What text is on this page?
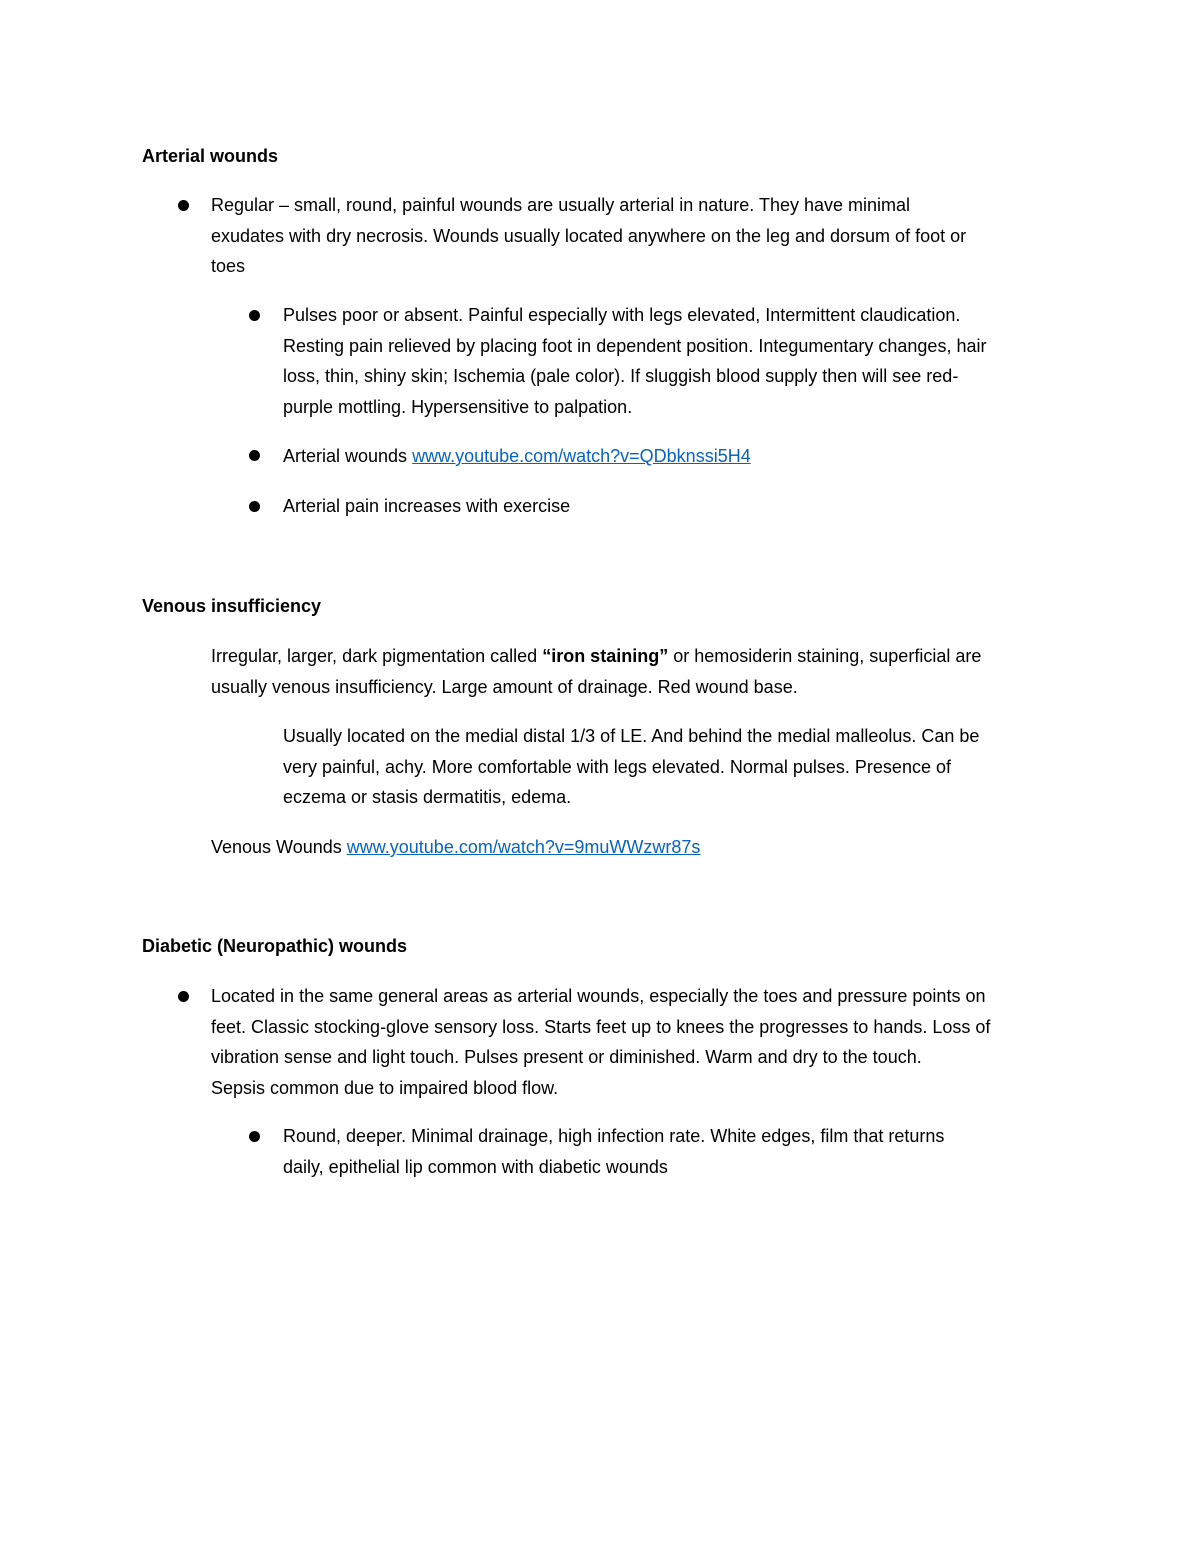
Arterial wounds
Regular – small, round, painful wounds are usually arterial in nature. They have minimal
exudates with dry necrosis. Wounds usually located anywhere on the leg and dorsum of foot or
toes
Pulses poor or absent. Painful especially with legs elevated, Intermittent claudication.
Resting pain relieved by placing foot in dependent position. Integumentary changes, hair
loss, thin, shiny skin; Ischemia (pale color). If sluggish blood supply then will see red-
purple mottling. Hypersensitive to palpation.
Arterial wounds www.youtube.com/watch?v=QDbknssi5H4
Arterial pain increases with exercise
Venous insufficiency
Irregular, larger, dark pigmentation called “iron staining” or hemosiderin staining, superficial are
usually venous insufficiency. Large amount of drainage. Red wound base.
Usually located on the medial distal 1/3 of LE. And behind the medial malleolus. Can be
very painful, achy. More comfortable with legs elevated. Normal pulses. Presence of
eczema or stasis dermatitis, edema.
Venous Wounds www.youtube.com/watch?v=9muWWzwr87s
Diabetic (Neuropathic) wounds
Located in the same general areas as arterial wounds, especially the toes and pressure points on
feet. Classic stocking-glove sensory loss. Starts feet up to knees the progresses to hands. Loss of
vibration sense and light touch. Pulses present or diminished. Warm and dry to the touch.
Sepsis common due to impaired blood flow.
Round, deeper. Minimal drainage, high infection rate. White edges, film that returns
daily, epithelial lip common with diabetic wounds
